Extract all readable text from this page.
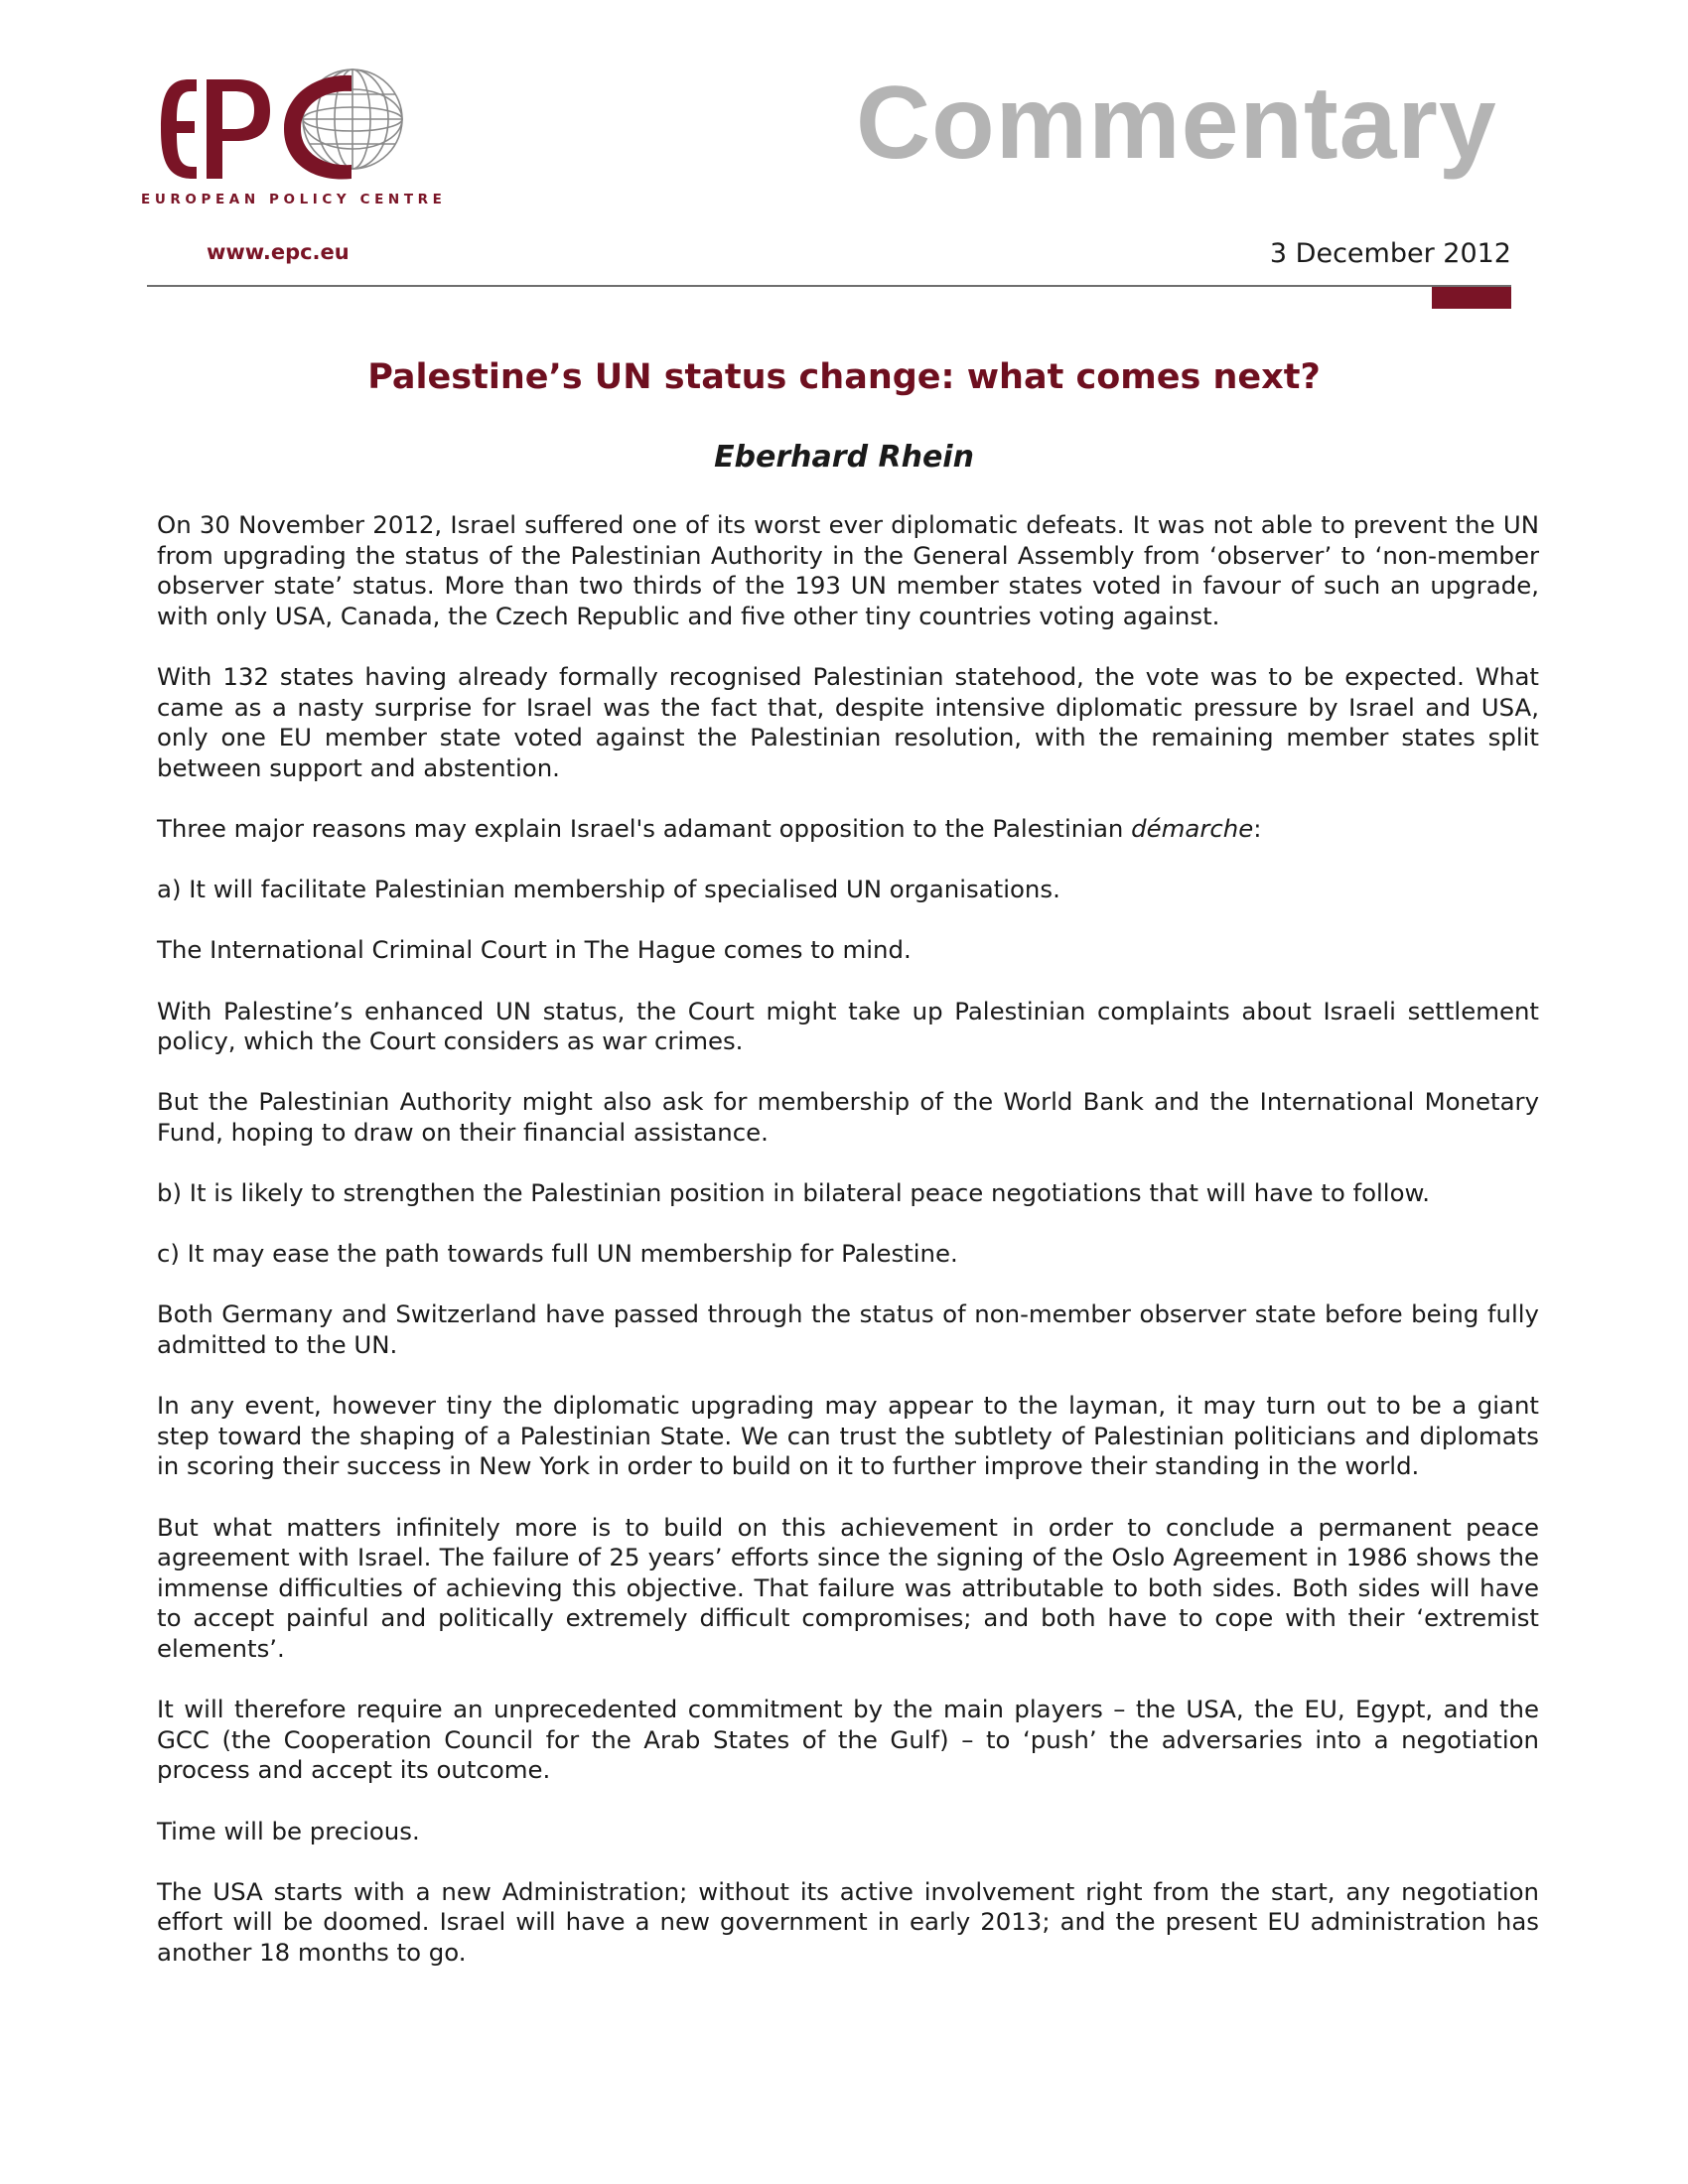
EUROPEAN POLICY CENTRE
www.epc.eu
Commentary
3 December 2012
Palestine’s UN status change: what comes next?
Eberhard Rhein

On 30 November 2012, Israel suffered one of its worst ever diplomatic defeats. It was not able to prevent the UN from upgrading the status of the Palestinian Authority in the General Assembly from ‘observer’ to ‘non-member observer state’ status. More than two thirds of the 193 UN member states voted in favour of such an upgrade, with only USA, Canada, the Czech Republic and five other tiny countries voting against.

With 132 states having already formally recognised Palestinian statehood, the vote was to be expected. What came as a nasty surprise for Israel was the fact that, despite intensive diplomatic pressure by Israel and USA, only one EU member state voted against the Palestinian resolution, with the remaining member states split between support and abstention.

Three major reasons may explain Israel's adamant opposition to the Palestinian démarche:

a) It will facilitate Palestinian membership of specialised UN organisations.

The International Criminal Court in The Hague comes to mind.

With Palestine’s enhanced UN status, the Court might take up Palestinian complaints about Israeli settlement policy, which the Court considers as war crimes.

But the Palestinian Authority might also ask for membership of the World Bank and the International Monetary Fund, hoping to draw on their financial assistance.

b) It is likely to strengthen the Palestinian position in bilateral peace negotiations that will have to follow.

c) It may ease the path towards full UN membership for Palestine.

Both Germany and Switzerland have passed through the status of non-member observer state before being fully admitted to the UN.

In any event, however tiny the diplomatic upgrading may appear to the layman, it may turn out to be a giant step toward the shaping of a Palestinian State. We can trust the subtlety of Palestinian politicians and diplomats in scoring their success in New York in order to build on it to further improve their standing in the world.

But what matters infinitely more is to build on this achievement in order to conclude a permanent peace agreement with Israel. The failure of 25 years’ efforts since the signing of the Oslo Agreement in 1986 shows the immense difficulties of achieving this objective. That failure was attributable to both sides. Both sides will have to accept painful and politically extremely difficult compromises; and both have to cope with their ‘extremist elements’.

It will therefore require an unprecedented commitment by the main players – the USA, the EU, Egypt, and the GCC (the Cooperation Council for the Arab States of the Gulf) – to ‘push’ the adversaries into a negotiation process and accept its outcome.

Time will be precious.

The USA starts with a new Administration; without its active involvement right from the start, any negotiation effort will be doomed. Israel will have a new government in early 2013; and the present EU administration has another 18 months to go.
